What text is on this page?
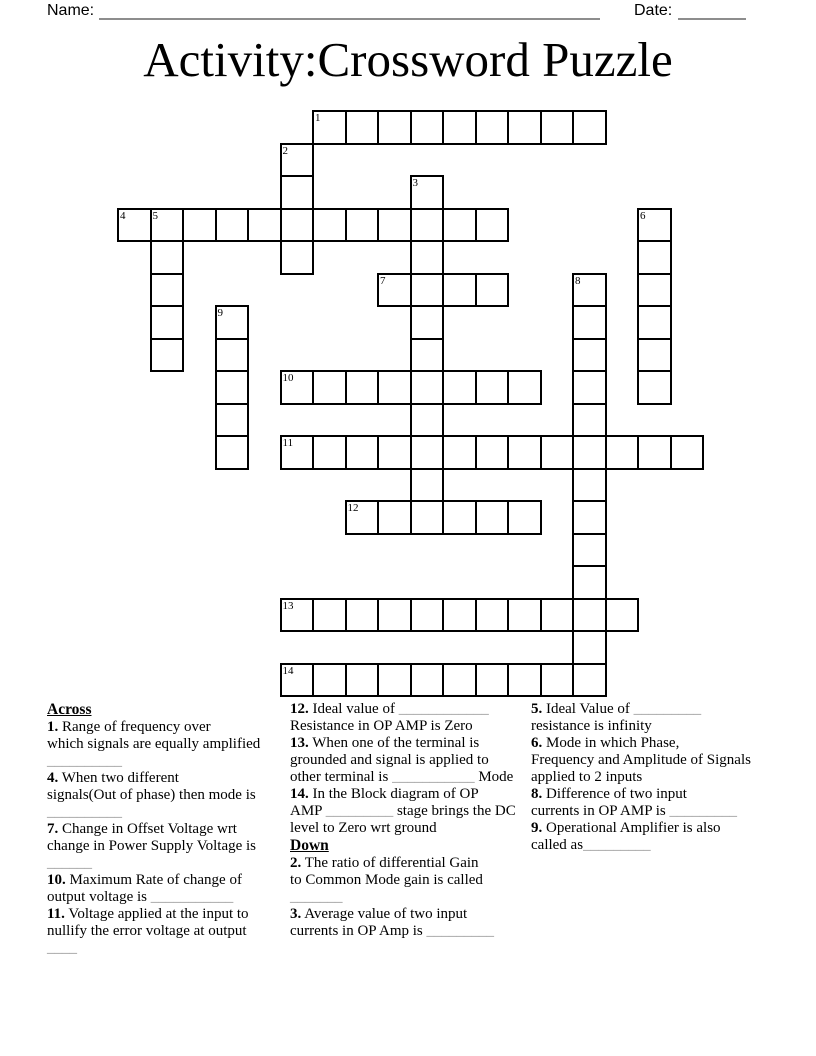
Name:	Date:
Activity:Crossword Puzzle
1
2
3
4 5	6
7	8
9
10
11
12
13
14
Across
1. Range of frequency over
which signals are equally amplified
__________
4. When two different
signals(Out of phase) then mode is
__________
7. Change in Offset Voltage wrt
change in Power Supply Voltage is
______
10. Maximum Rate of change of
output voltage is ___________
11. Voltage applied at the input to
nullify the error voltage at output
____
12. Ideal value of ____________
Resistance in OP AMP is Zero
13. When one of the terminal is
grounded and signal is applied to
other terminal is ___________ Mode
14. In the Block diagram of OP
AMP _________ stage brings the DC
level to Zero wrt ground
Down
2. The ratio of differential Gain
to Common Mode gain is called
_______
3. Average value of two input
currents in OP Amp is _________
5. Ideal Value of _________
resistance is infinity
6. Mode in which Phase,
Frequency and Amplitude of Signals
applied to 2 inputs
8. Difference of two input
currents in OP AMP is _________
9. Operational Amplifier is also
called as_________
